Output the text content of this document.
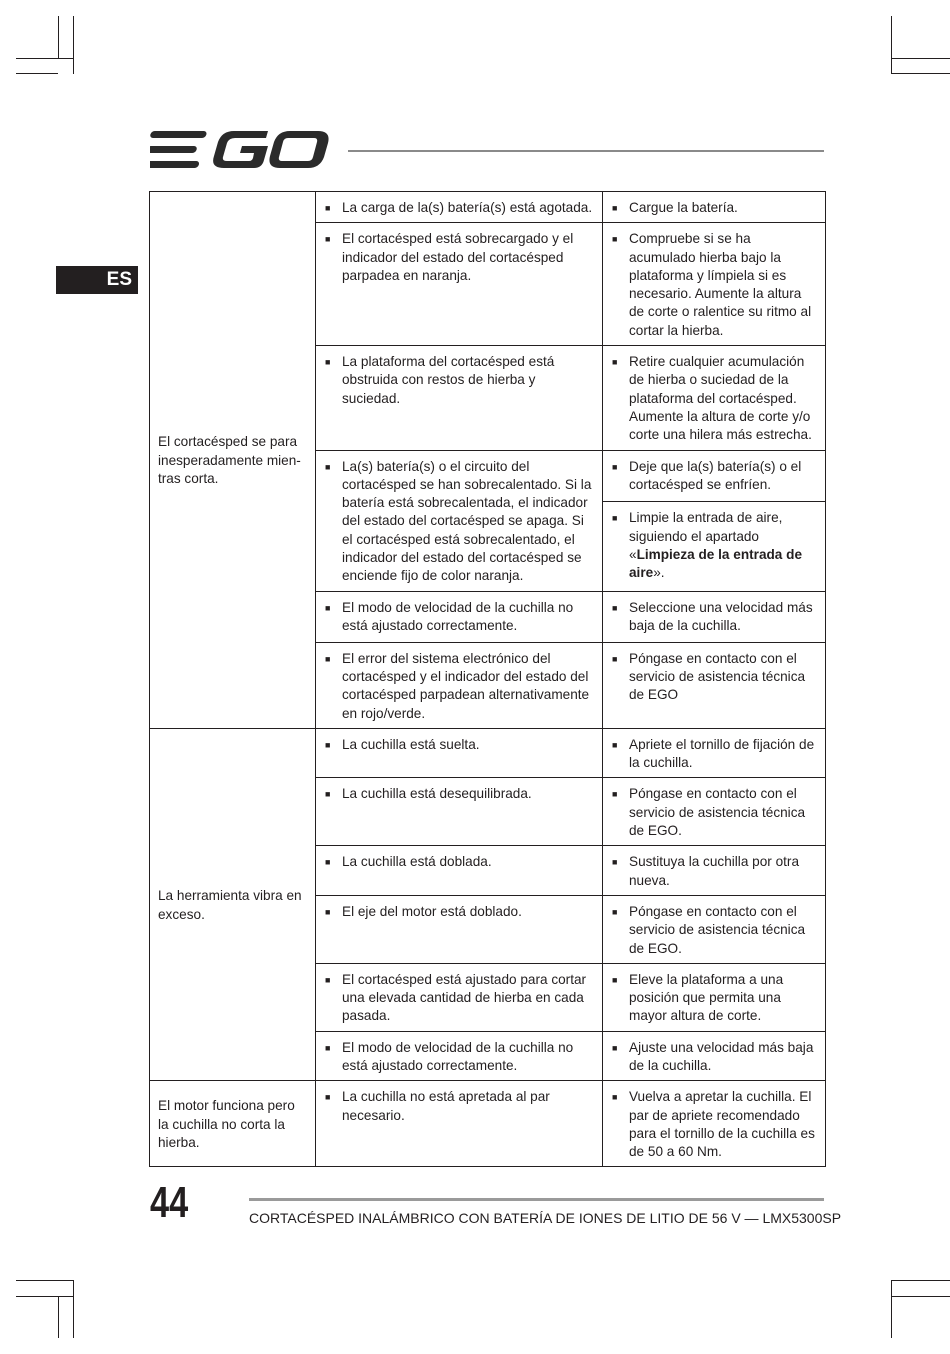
ES
El cortacésped se para inesperadamente mien-tras corta.	■ La carga de la(s) batería(s) está agotada.	■ Cargue la batería.

	■ El cortacésped está sobrecargado y el indicador del estado del cortacésped parpadea en naranja.	■ Compruebe si se ha acumulado hierba bajo la plataforma y límpiela si es necesario. Aumente la altura de corte o ralentice su ritmo al cortar la hierba.

	■ La plataforma del cortacésped está obstruida con restos de hierba y suciedad.	■ Retire cualquier acumulación de hierba o suciedad de la plataforma del cortacésped. Aumente la altura de corte y/o corte una hilera más estrecha.

	■ La(s) batería(s) o el circuito del cortacésped se han sobrecalentado. Si la batería está sobrecalentada, el indicador del estado del cortacésped se apaga. Si el cortacésped está sobrecalentado, el indicador del estado del cortacésped se enciende fijo de color naranja.	■ Deje que la(s) batería(s) o el cortacésped se enfríen.

		■ Limpie la entrada de aire, siguiendo el apartado «Limpieza de la entrada de aire».

	■ El modo de velocidad de la cuchilla no está ajustado correctamente.	■ Seleccione una velocidad más baja de la cuchilla.

	■ El error del sistema electrónico del cortacésped y el indicador del estado del cortacésped parpadean alternativamente en rojo/verde.	■ Póngase en contacto con el servicio de asistencia técnica de EGO

La herramienta vibra en exceso.	■ La cuchilla está suelta.	■ Apriete el tornillo de fijación de la cuchilla.

	■ La cuchilla está desequilibrada.	■ Póngase en contacto con el servicio de asistencia técnica de EGO.

	■ La cuchilla está doblada.	■ Sustituya la cuchilla por otra nueva.

	■ El eje del motor está doblado.	■ Póngase en contacto con el servicio de asistencia técnica de EGO.

	■ El cortacésped está ajustado para cortar una elevada cantidad de hierba en cada pasada.	■ Eleve la plataforma a una posición que permita una mayor altura de corte.

	■ El modo de velocidad de la cuchilla no está ajustado correctamente.	■ Ajuste una velocidad más baja de la cuchilla.

El motor funciona pero la cuchilla no corta la hierba.	■ La cuchilla no está apretada al par necesario.	■ Vuelva a apretar la cuchilla. El par de apriete recomendado para el tornillo de la cuchilla es de 50 a 60 Nm.
44	CORTACÉSPED INALÁMBRICO CON BATERÍA DE IONES DE LITIO DE 56 V — LMX5300SP
